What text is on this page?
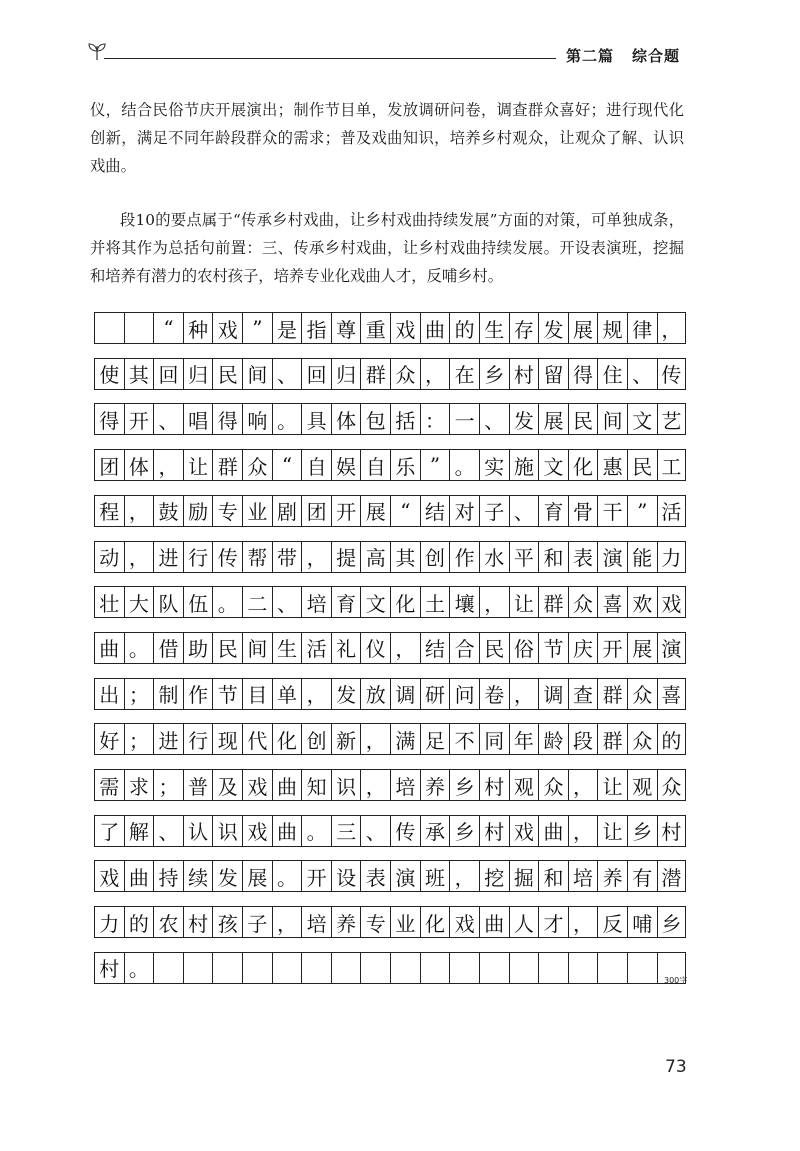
第二篇 综合题

仪，结合民俗节庆开展演出；制作节目单，发放调研问卷，调查群众喜好；进行现代化创新，满足不同年龄段群众的需求；普及戏曲知识，培养乡村观众，让观众了解、认识戏曲。

段10的要点属于“传承乡村戏曲，让乡村戏曲持续发展”方面的对策，可单独成条，并将其作为总括句前置：三、传承乡村戏曲，让乡村戏曲持续发展。开设表演班，挖掘和培养有潜力的农村孩子，培养专业化戏曲人才，反哺乡村。

“ 种 戏 ” 是 指 尊 重 戏 曲 的 生 存 发 展 规 律 ，
使 其 回 归 民 间 、 回 归 群 众 ， 在 乡 村 留 得 住 、 传
得 开 、 唱 得 响 。 具 体 包 括 ： 一 、 发 展 民 间 文 艺
团 体 ， 让 群 众 “ 自 娱 自 乐 ” 。 实 施 文 化 惠 民 工
程 ， 鼓 励 专 业 剧 团 开 展 “ 结 对 子 、 育 骨 干 ” 活
动 ， 进 行 传 帮 带 ， 提 高 其 创 作 水 平 和 表 演 能 力
壮 大 队 伍 。 二 、 培 育 文 化 土 壤 ， 让 群 众 喜 欢 戏
曲 。 借 助 民 间 生 活 礼 仪 ， 结 合 民 俗 节 庆 开 展 演
出 ； 制 作 节 目 单 ， 发 放 调 研 问 卷 ， 调 查 群 众 喜
好 ； 进 行 现 代 化 创 新 ， 满 足 不 同 年 龄 段 群 众 的
需 求 ； 普 及 戏 曲 知 识 ， 培 养 乡 村 观 众 ， 让 观 众
了 解 、 认 识 戏 曲 。 三 、 传 承 乡 村 戏 曲 ， 让 乡 村
戏 曲 持 续 发 展 。 开 设 表 演 班 ， 挖 掘 和 培 养 有 潜
力 的 农 村 孩 子 ， 培 养 专 业 化 戏 曲 人 才 ， 反 哺 乡
村 。	300字
73
